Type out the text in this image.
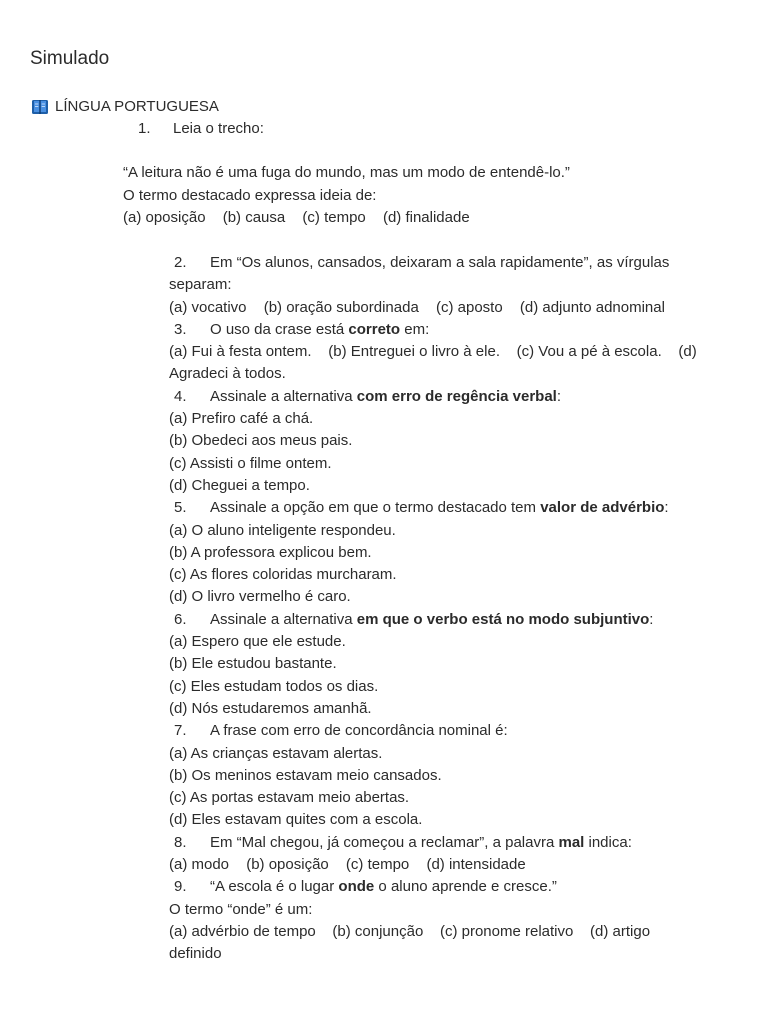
Simulado
LÍNGUA PORTUGUESA
1. Leia o trecho:
“A leitura não é uma fuga do mundo, mas um modo de entendê-lo.”
O termo destacado expressa ideia de:
(a) oposição (b) causa (c) tempo (d) finalidade
2. Em “Os alunos, cansados, deixaram a sala rapidamente”, as vírgulas
separam:
(a) vocativo (b) oração subordinada (c) aposto (d) adjunto adnominal
3. O uso da crase está correto em:
(a) Fui à festa ontem.    (b) Entreguei o livro à ele.    (c) Vou a pé à escola.    (d)
Agradeci à todos.
4. Assinale a alternativa com erro de regência verbal:
(a) Prefiro café a chá.
(b) Obedeci aos meus pais.
(c) Assisti o filme ontem.
(d) Cheguei a tempo.
5. Assinale a opção em que o termo destacado tem valor de advérbio:
(a) O aluno inteligente respondeu.
(b) A professora explicou bem.
(c) As flores coloridas murcharam.
(d) O livro vermelho é caro.
6. Assinale a alternativa em que o verbo está no modo subjuntivo:
(a) Espero que ele estude.
(b) Ele estudou bastante.
(c) Eles estudam todos os dias.
(d) Nós estudaremos amanhã.
7. A frase com erro de concordância nominal é:
(a) As crianças estavam alertas.
(b) Os meninos estavam meio cansados.
(c) As portas estavam meio abertas.
(d) Eles estavam quites com a escola.
8. Em “Mal chegou, já começou a reclamar”, a palavra mal indica:
(a) modo (b) oposição (c) tempo (d) intensidade
9. “A escola é o lugar onde o aluno aprende e cresce.”
O termo “onde” é um:
(a) advérbio de tempo    (b) conjunção    (c) pronome relativo    (d) artigo
definido
